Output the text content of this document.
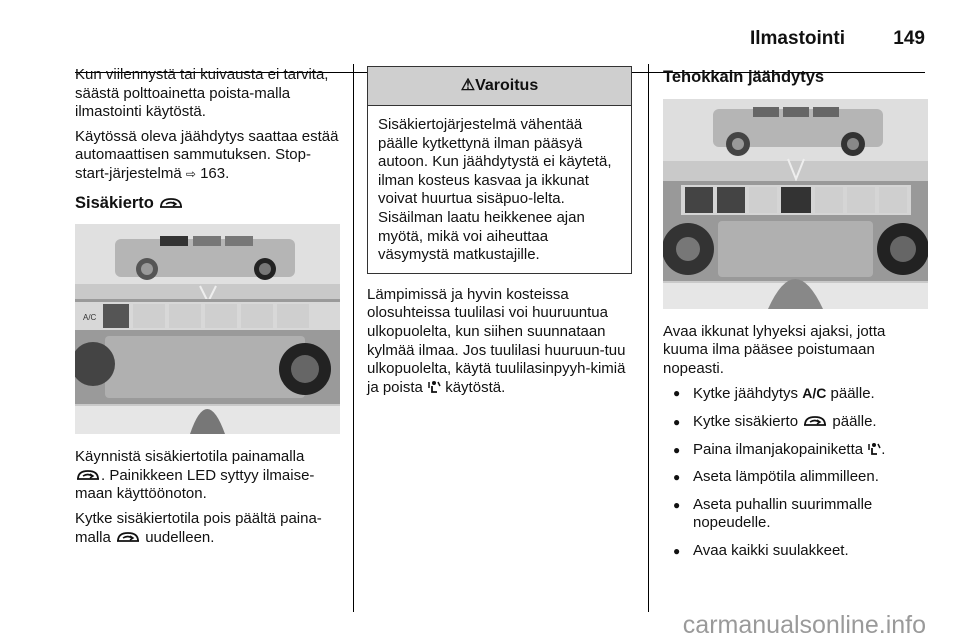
Ilmastointi	149

Kun viilennystä tai kuivausta ei tarvita, säästä polttoainetta poista-malla ilmastointi käytöstä.

Käytössä oleva jäähdytys saattaa estää automaattisen sammutuksen. Stop-start-järjestelmä ⇨ 163.

Sisäkierto
A/C

Käynnistä sisäkiertotila painamalla
. Painikkeen LED syttyy ilmaise-maan käyttöönoton.

Kytke sisäkiertotila pois päältä paina-malla  uudelleen.

⚠Varoitus
Sisäkiertojärjestelmä vähentää päälle kytkettynä ilman pääsyä autoon. Kun jäähdytystä ei käytetä, ilman kosteus kasvaa ja ikkunat voivat huurtua sisäpuo-lelta. Sisäilman laatu heikkenee ajan myötä, mikä voi aiheuttaa väsymystä matkustajille.

Lämpimissä ja hyvin kosteissa olosuhteissa tuulilasi voi huuruuntua ulkopuolelta, kun siihen suunnataan kylmää ilmaa. Jos tuulilasi huuruun-tuu ulkopuolelta, käytä tuulilasinpyyh-kimiä ja poista  käytöstä.

Tehokkain jäähdytys

Avaa ikkunat lyhyeksi ajaksi, jotta kuuma ilma pääsee poistumaan nopeasti.

● Kytke jäähdytys A/C päälle.
● Kytke sisäkierto  päälle.
● Paina ilmanjakopainiketta .
● Aseta lämpötila alimmilleen.
● Aseta puhallin suurimmalle nopeudelle.
● Avaa kaikki suulakkeet.
carmanualsonline.info
